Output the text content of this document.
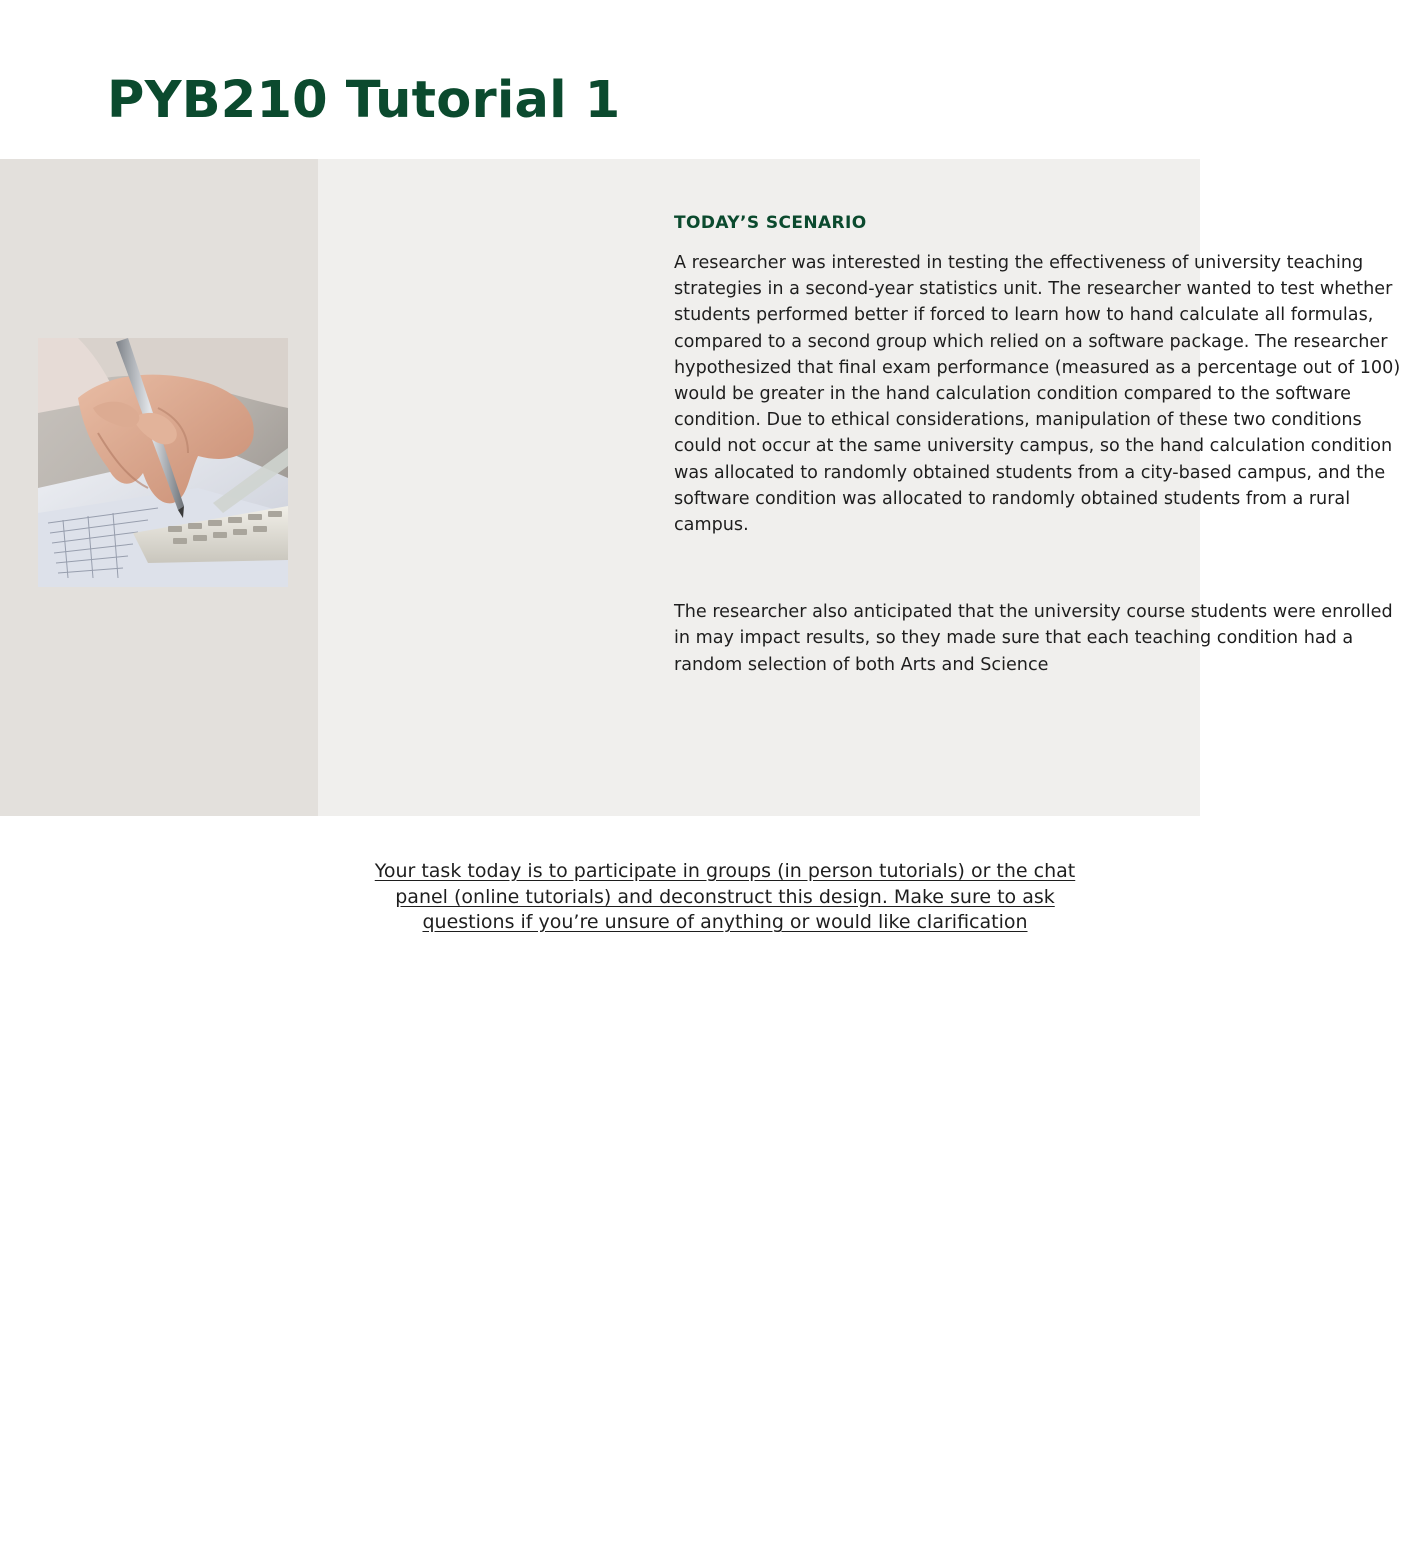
PYB210 Tutorial 1
TODAY’S SCENARIO

A researcher was interested in testing the effectiveness of university teaching strategies in a second-year statistics unit. The researcher wanted to test whether students performed better if forced to learn how to hand calculate all formulas, compared to a second group which relied on a software package. The researcher hypothesized that final exam performance (measured as a percentage out of 100) would be greater in the hand calculation condition compared to the software condition. Due to ethical considerations, manipulation of these two conditions could not occur at the same university campus, so the hand calculation condition was allocated to randomly obtained students from a city-based campus, and the software condition was allocated to randomly obtained students from a rural campus.

The researcher also anticipated that the university course students were enrolled in may impact results, so they made sure that each teaching condition had a random selection of both Arts and Science

Your task today is to participate in groups (in person tutorials) or the chat panel (online tutorials) and deconstruct this design. Make sure to ask questions if you’re unsure of anything or would like clarification
